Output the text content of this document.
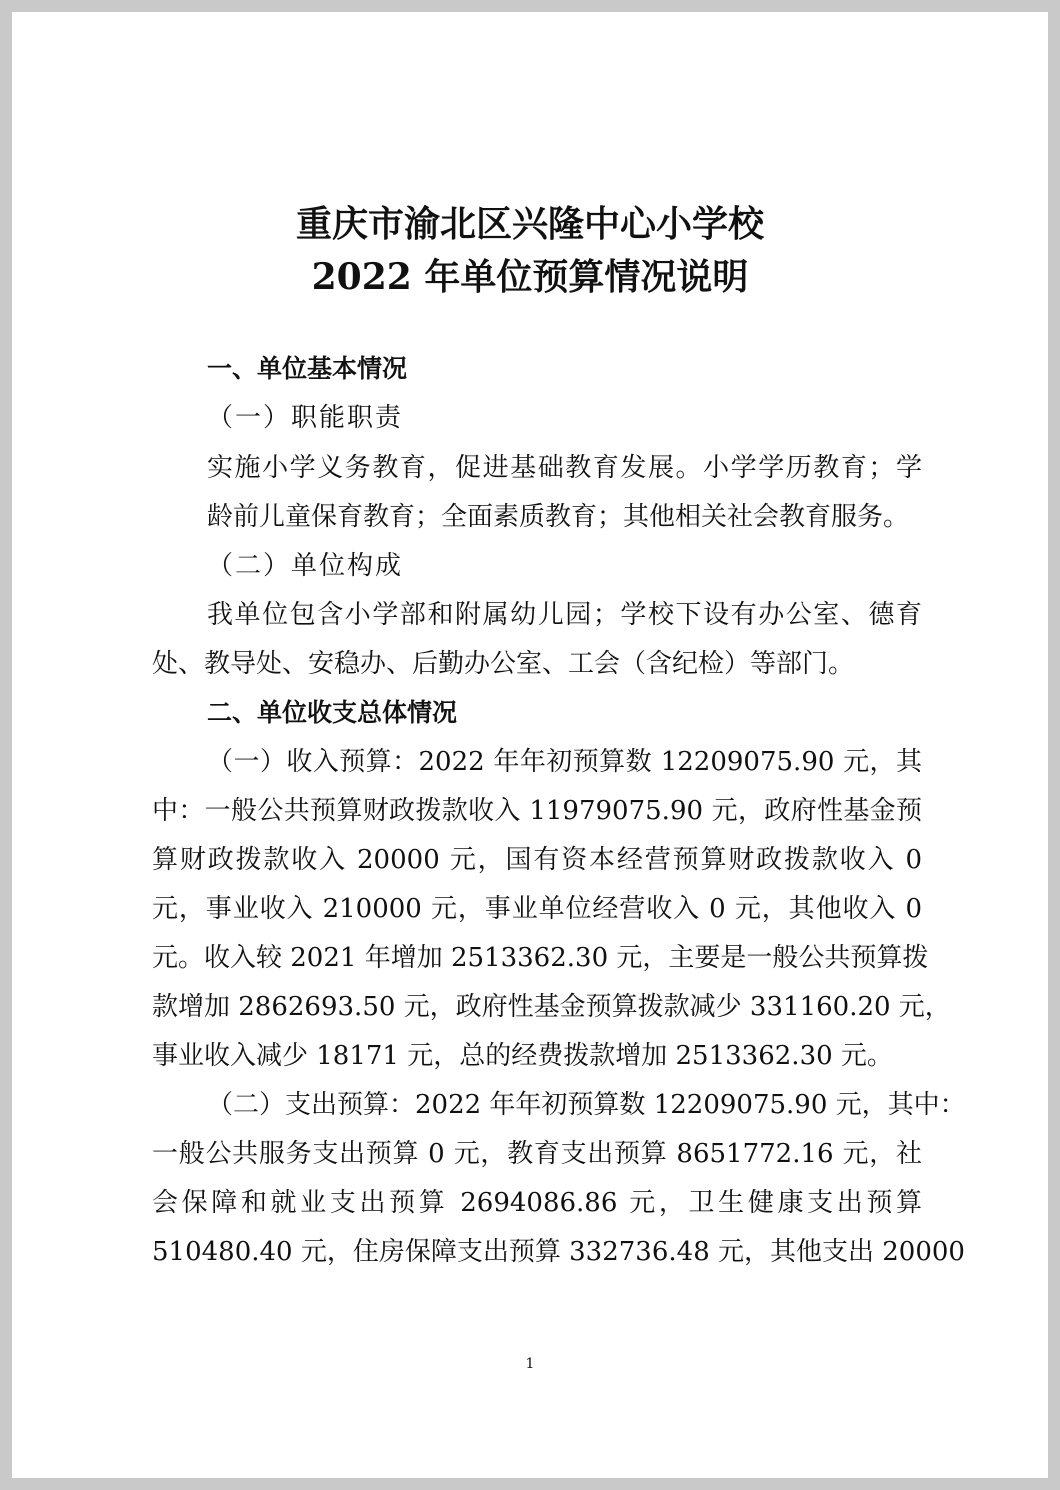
重庆市渝北区兴隆中心小学校
2022 年单位预算情况说明
一、单位基本情况
（一）职能职责
实施小学义务教育，促进基础教育发展。小学学历教育；学
龄前儿童保育教育；全面素质教育；其他相关社会教育服务。
（二）单位构成
我单位包含小学部和附属幼儿园；学校下设有办公室、德育
处、教导处、安稳办、后勤办公室、工会（含纪检）等部门。
二、单位收支总体情况
（一）收入预算：2022 年年初预算数 12209075.90 元，其
中：一般公共预算财政拨款收入 11979075.90 元，政府性基金预
算财政拨款收入 20000 元，国有资本经营预算财政拨款收入 0
元，事业收入 210000 元，事业单位经营收入 0 元，其他收入 0
元。收入较 2021 年增加 2513362.30 元，主要是一般公共预算拨
款增加 2862693.50 元，政府性基金预算拨款减少 331160.20 元，
事业收入减少 18171 元，总的经费拨款增加 2513362.30 元。
（二）支出预算：2022 年年初预算数 12209075.90 元，其中：
一般公共服务支出预算 0 元，教育支出预算 8651772.16 元，社
会保障和就业支出预算 2694086.86 元，卫生健康支出预算
510480.40 元，住房保障支出预算 332736.48 元，其他支出 20000
1
